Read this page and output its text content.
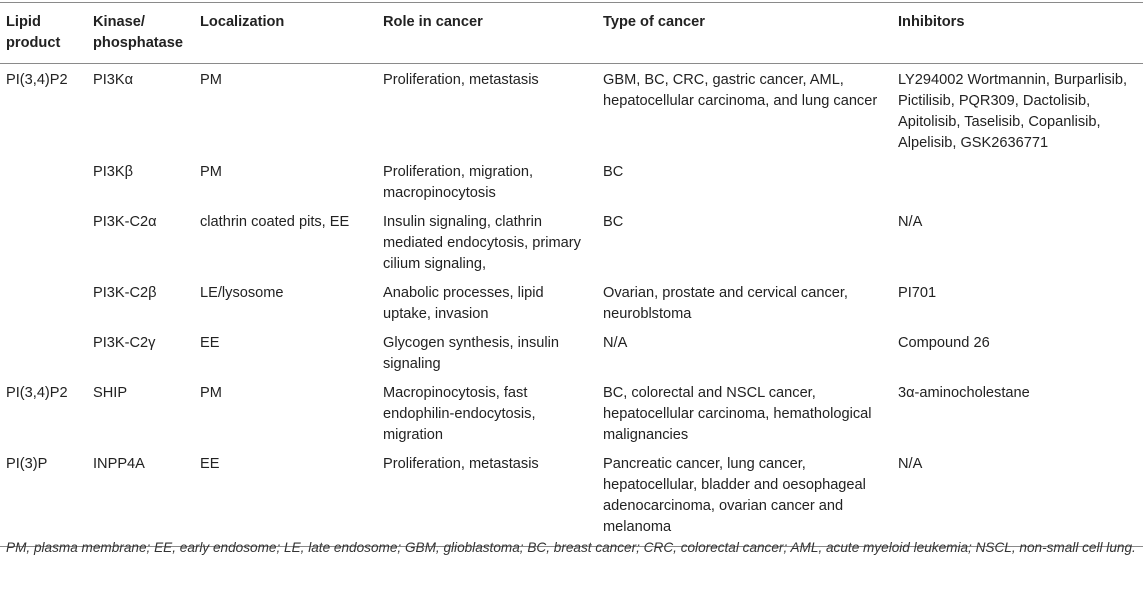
Lipid product	Kinase/ phosphatase	Localization	Role in cancer	Type of cancer	Inhibitors
PI(3,4)P2	PI3Kα	PM	Proliferation, metastasis	GBM, BC, CRC, gastric cancer, AML, hepatocellular carcinoma, and lung cancer	LY294002 Wortmannin, Burparlisib, Pictilisib, PQR309, Dactolisib, Apitolisib, Taselisib, Copanlisib, Alpelisib, GSK2636771
	PI3Kβ	PM	Proliferation, migration, macropinocytosis	BC	
	PI3K-C2α	clathrin coated pits, EE	Insulin signaling, clathrin mediated endocytosis, primary cilium signaling,	BC	N/A
	PI3K-C2β	LE/lysosome	Anabolic processes, lipid uptake, invasion	Ovarian, prostate and cervical cancer, neuroblstoma	PI701
	PI3K-C2γ	EE	Glycogen synthesis, insulin signaling	N/A	Compound 26
PI(3,4)P2	SHIP	PM	Macropinocytosis, fast endophilin-endocytosis, migration	BC, colorectal and NSCL cancer, hepatocellular carcinoma, hemathological malignancies	3α-aminocholestane
PI(3)P	INPP4A	EE	Proliferation, metastasis	Pancreatic cancer, lung cancer, hepatocellular, bladder and oesophageal adenocarcinoma, ovarian cancer and melanoma	N/A
PM, plasma membrane; EE, early endosome; LE, late endosome; GBM, glioblastoma; BC, breast cancer; CRC, colorectal cancer; AML, acute myeloid leukemia; NSCL, non-small cell lung.
